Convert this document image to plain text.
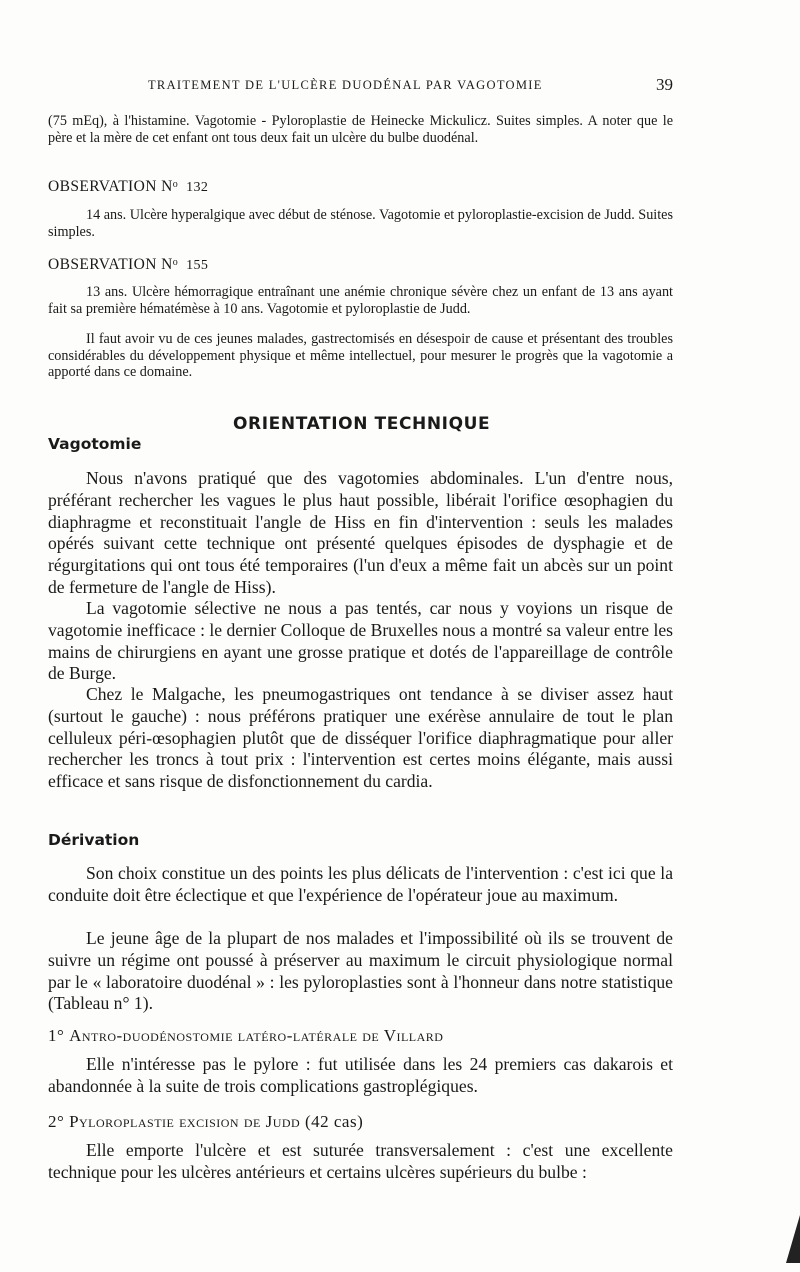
TRAITEMENT DE L'ULCÈRE DUODÉNAL PAR VAGOTOMIE	39

(75 mEq), à l'histamine. Vagotomie - Pyloroplastie de Heinecke Mickulicz. Suites simples. A noter que le père et la mère de cet enfant ont tous deux fait un ulcère du bulbe duodénal.

OBSERVATION $N^o$ 132

14 ans. Ulcère hyperalgique avec début de sténose. Vagotomie et pyloroplastie-excision de Judd. Suites simples.

OBSERVATION $N^o$ 155

13 ans. Ulcère hémorragique entraînant une anémie chronique sévère chez un enfant de 13 ans ayant fait sa première hématémèse à 10 ans. Vagotomie et pyloroplastie de Judd.

Il faut avoir vu de ces jeunes malades, gastrectomisés en désespoir de cause et présentant des troubles considérables du développement physique et même intellectuel, pour mesurer le progrès que la vagotomie a apporté dans ce domaine.

ORIENTATION TECHNIQUE
Vagotomie

Nous n'avons pratiqué que des vagotomies abdominales. L'un d'entre nous, préférant rechercher les vagues le plus haut possible, libérait l'orifice œsophagien du diaphragme et reconstituait l'angle de Hiss en fin d'intervention : seuls les malades opérés suivant cette technique ont présenté quelques épisodes de dysphagie et de régurgitations qui ont tous été temporaires (l'un d'eux a même fait un abcès sur un point de fermeture de l'angle de Hiss).

La vagotomie sélective ne nous a pas tentés, car nous y voyions un risque de vagotomie inefficace : le dernier Colloque de Bruxelles nous a montré sa valeur entre les mains de chirurgiens en ayant une grosse pratique et dotés de l'appareillage de contrôle de Burge.

Chez le Malgache, les pneumogastriques ont tendance à se diviser assez haut (surtout le gauche) : nous préférons pratiquer une exérèse annulaire de tout le plan celluleux péri-œsophagien plutôt que de disséquer l'orifice diaphragmatique pour aller rechercher les troncs à tout prix : l'intervention est certes moins élégante, mais aussi efficace et sans risque de disfonctionnement du cardia.

Dérivation

Son choix constitue un des points les plus délicats de l'intervention : c'est ici que la conduite doit être éclectique et que l'expérience de l'opérateur joue au maximum.

Le jeune âge de la plupart de nos malades et l'impossibilité où ils se trouvent de suivre un régime ont poussé à préserver au maximum le circuit physiologique normal par le « laboratoire duodénal » : les pyloroplasties sont à l'honneur dans notre statistique (Tableau n° 1).

1° Antro-duodénostomie latéro-latérale de Villard

Elle n'intéresse pas le pylore : fut utilisée dans les 24 premiers cas dakarois et abandonnée à la suite de trois complications gastroplégiques.

2° Pyloroplastie excision de Judd (42 cas)

Elle emporte l'ulcère et est suturée transversalement : c'est une excellente technique pour les ulcères antérieurs et certains ulcères supérieurs du bulbe :
